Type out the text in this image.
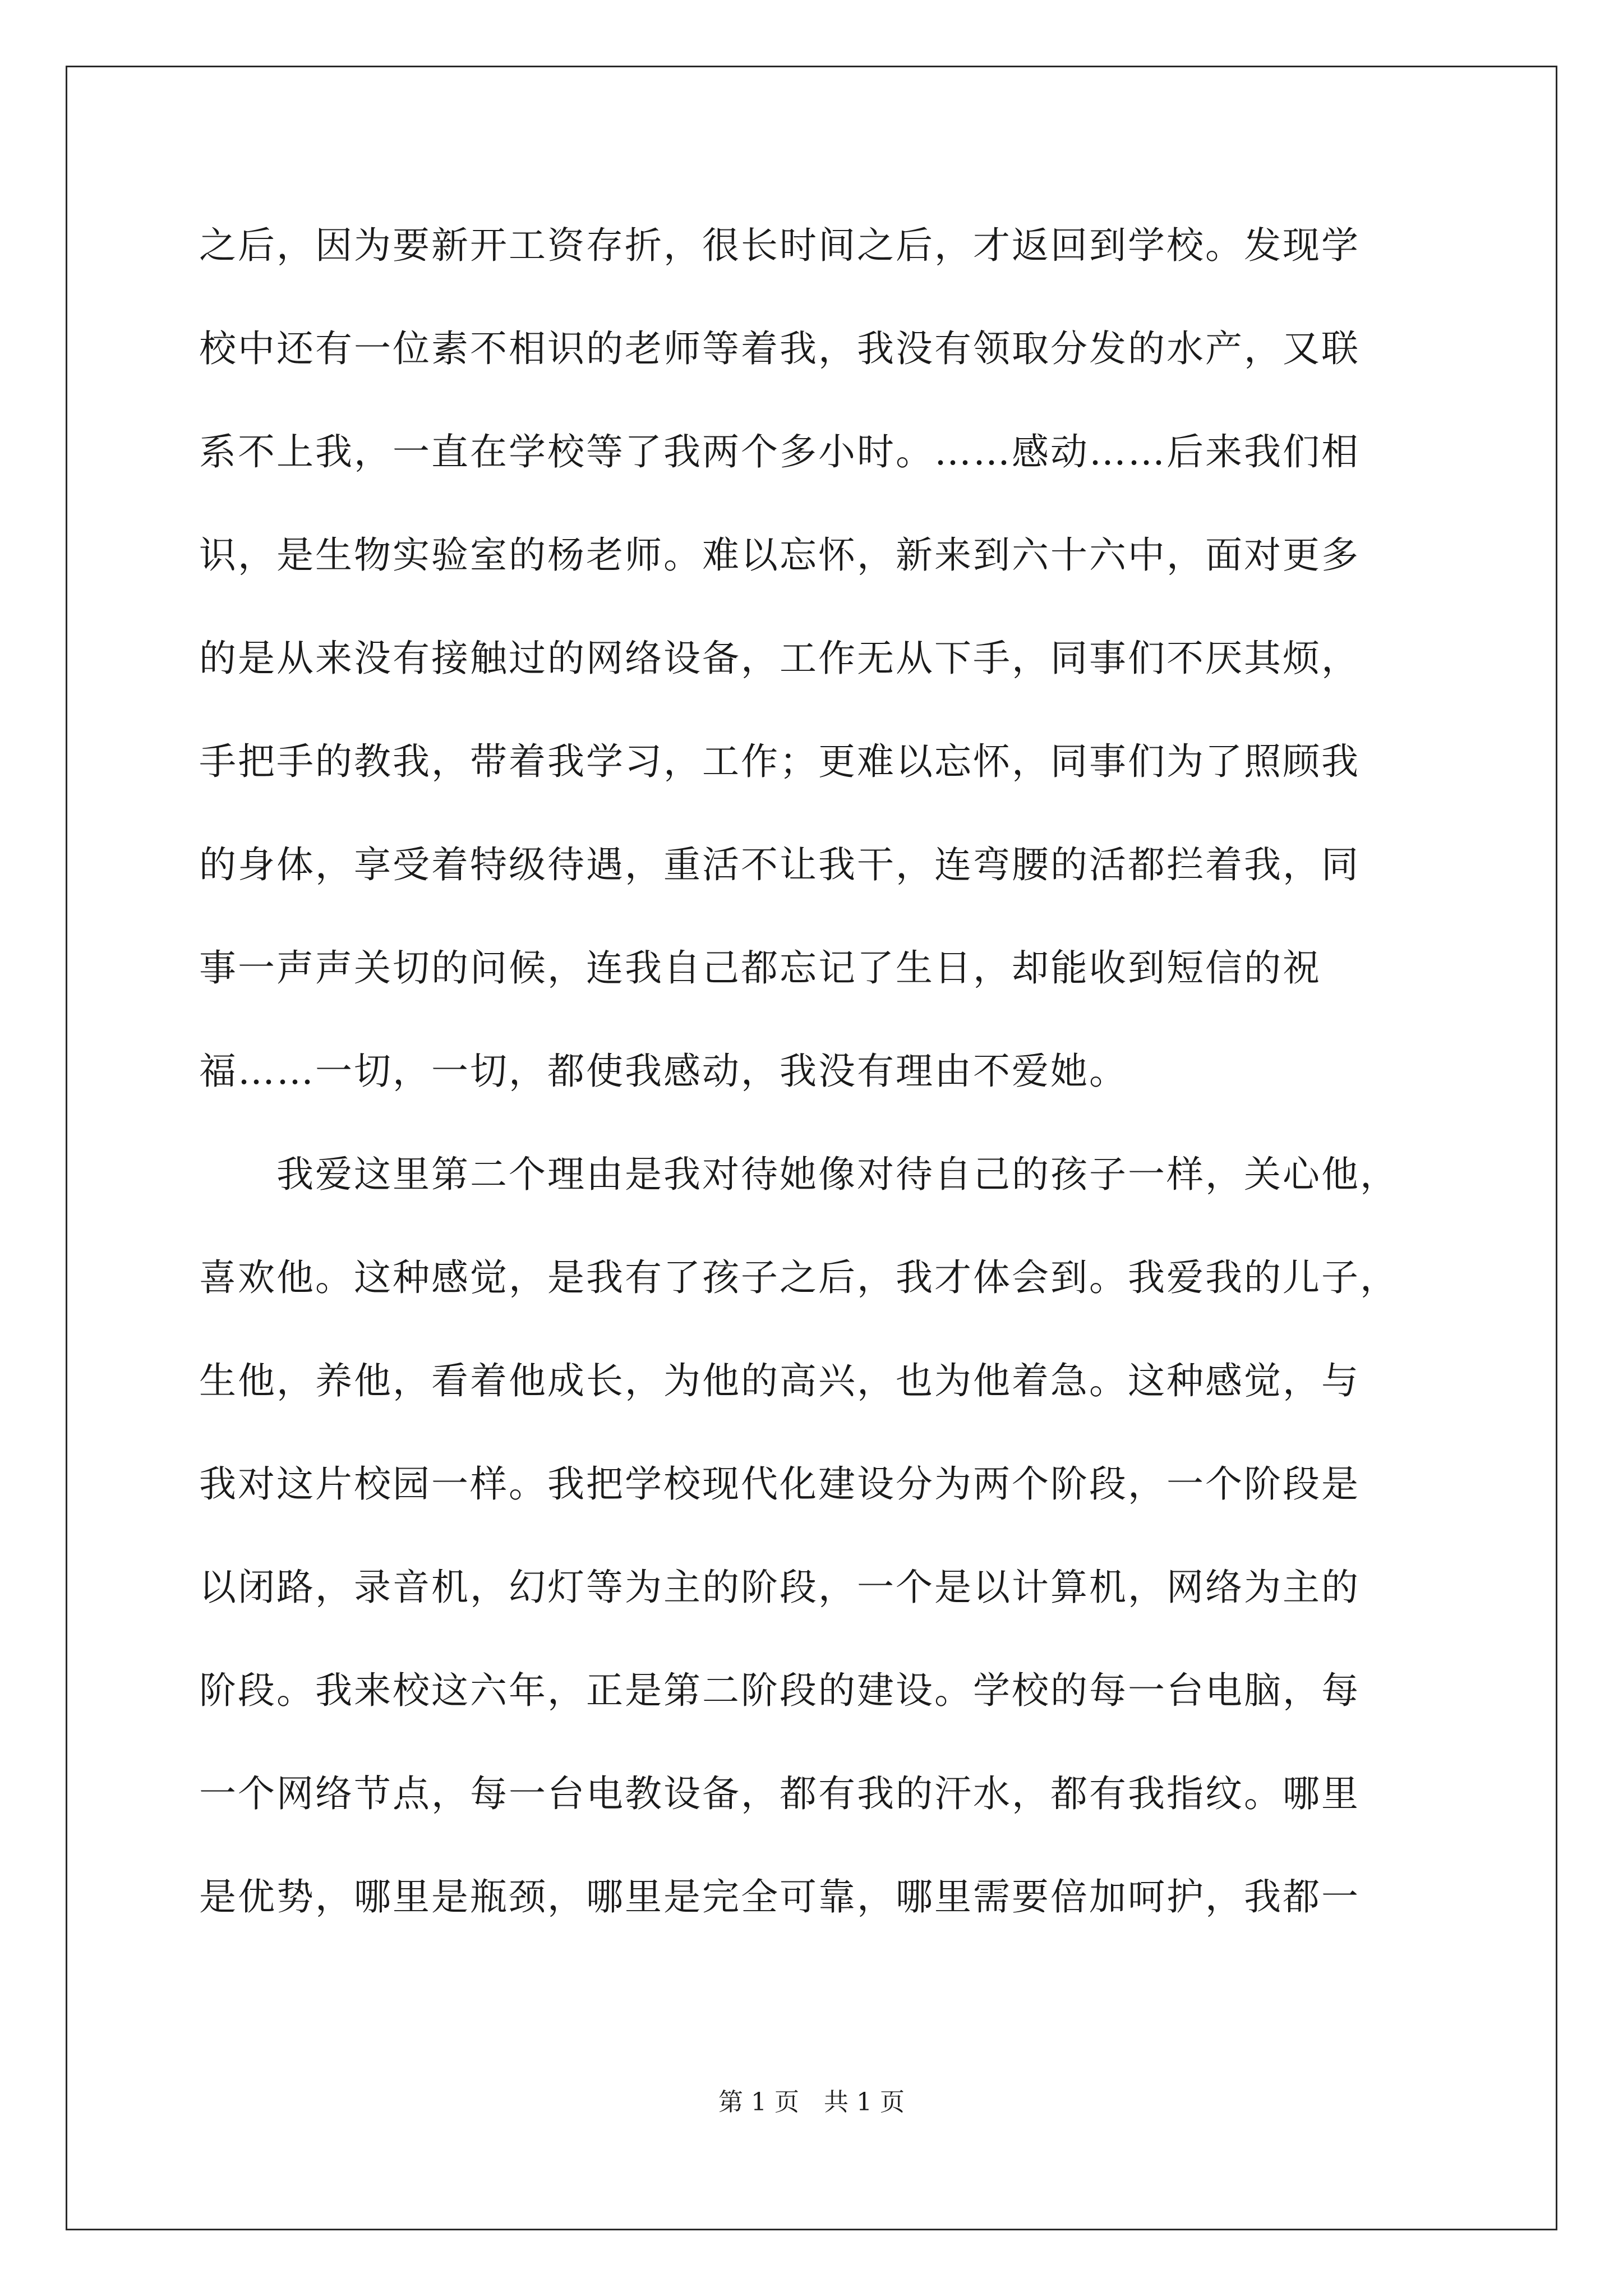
之后，因为要新开工资存折，很长时间之后，才返回到学校。发现学
校中还有一位素不相识的老师等着我，我没有领取分发的水产，又联
系不上我，一直在学校等了我两个多小时。……感动……后来我们相
识，是生物实验室的杨老师。难以忘怀，新来到六十六中，面对更多
的是从来没有接触过的网络设备，工作无从下手，同事们不厌其烦，
手把手的教我，带着我学习，工作；更难以忘怀，同事们为了照顾我
的身体，享受着特级待遇，重活不让我干，连弯腰的活都拦着我，同
事一声声关切的问候，连我自己都忘记了生日，却能收到短信的祝
福……一切，一切，都使我感动，我没有理由不爱她。
　　我爱这里第二个理由是我对待她像对待自己的孩子一样，关心他，
喜欢他。这种感觉，是我有了孩子之后，我才体会到。我爱我的儿子，
生他，养他，看着他成长，为他的高兴，也为他着急。这种感觉，与
我对这片校园一样。我把学校现代化建设分为两个阶段，一个阶段是
以闭路，录音机，幻灯等为主的阶段，一个是以计算机，网络为主的
阶段。我来校这六年，正是第二阶段的建设。学校的每一台电脑，每
一个网络节点，每一台电教设备，都有我的汗水，都有我指纹。哪里
是优势，哪里是瓶颈，哪里是完全可靠，哪里需要倍加呵护，我都一
第 1 页　共 1 页
